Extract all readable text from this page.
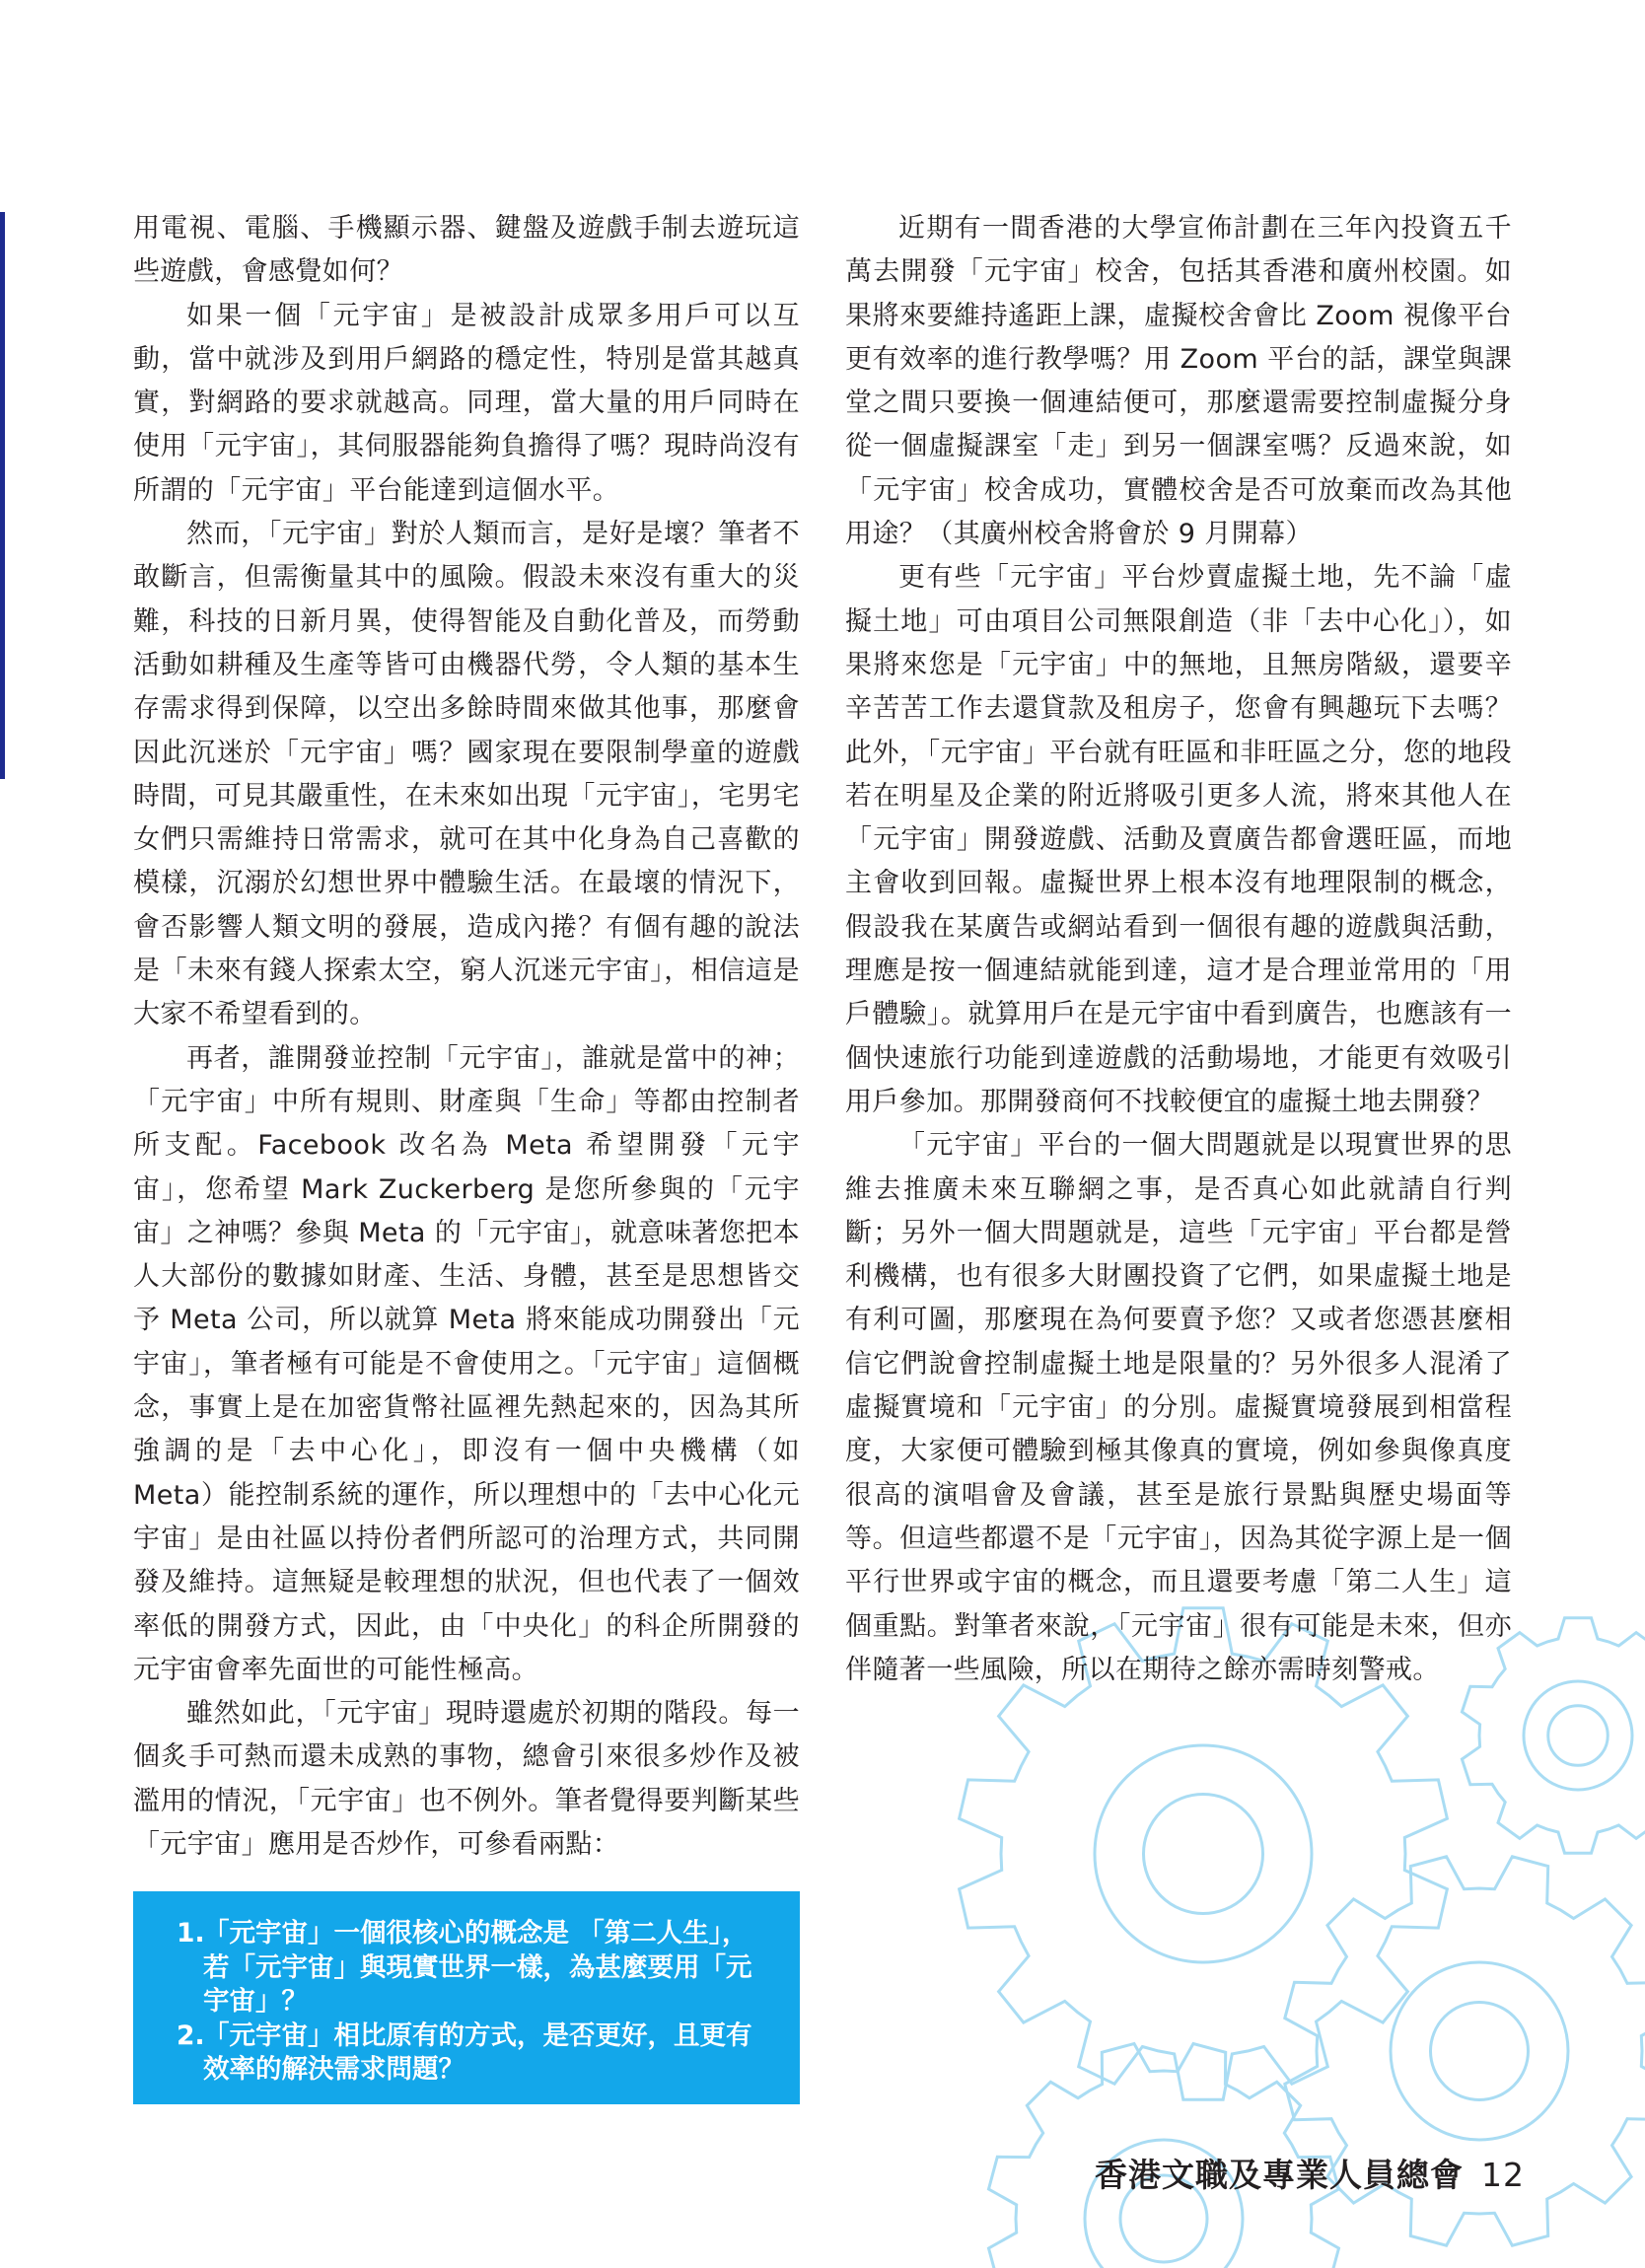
用電視、電腦、手機顯示器、鍵盤及遊戲手制去遊玩這些遊戲，會感覺如何？

如果一個「元宇宙」是被設計成眾多用戶可以互動，當中就涉及到用戶網路的穩定性，特別是當其越真實，對網路的要求就越高。同理，當大量的用戶同時在使用「元宇宙」，其伺服器能夠負擔得了嗎？現時尚沒有所謂的「元宇宙」平台能達到這個水平。

然而，「元宇宙」對於人類而言，是好是壞？筆者不敢斷言，但需衡量其中的風險。假設未來沒有重大的災難，科技的日新月異，使得智能及自動化普及，而勞動活動如耕種及生產等皆可由機器代勞，令人類的基本生存需求得到保障，以空出多餘時間來做其他事，那麼會因此沉迷於「元宇宙」嗎？國家現在要限制學童的遊戲時間，可見其嚴重性，在未來如出現「元宇宙」，宅男宅女們只需維持日常需求，就可在其中化身為自己喜歡的模樣，沉溺於幻想世界中體驗生活。在最壞的情況下，會否影響人類文明的發展，造成內捲？有個有趣的說法是「未來有錢人探索太空，窮人沉迷元宇宙」，相信這是大家不希望看到的。

再者，誰開發並控制「元宇宙」，誰就是當中的神；「元宇宙」中所有規則、財產與「生命」等都由控制者所支配。Facebook 改名為 Meta 希望開發「元宇宙」，您希望 Mark Zuckerberg 是您所參與的「元宇宙」之神嗎？參與 Meta 的「元宇宙」，就意味著您把本人大部份的數據如財產、生活、身體，甚至是思想皆交予 Meta 公司，所以就算 Meta 將來能成功開發出「元宇宙」，筆者極有可能是不會使用之。「元宇宙」這個概念，事實上是在加密貨幣社區裡先熱起來的，因為其所強調的是「去中心化」，即沒有一個中央機構（如 Meta）能控制系統的運作，所以理想中的「去中心化元宇宙」是由社區以持份者們所認可的治理方式，共同開發及維持。這無疑是較理想的狀況，但也代表了一個效率低的開發方式，因此，由「中央化」的科企所開發的元宇宙會率先面世的可能性極高。

雖然如此，「元宇宙」現時還處於初期的階段。每一個炙手可熱而還未成熟的事物，總會引來很多炒作及被濫用的情況，「元宇宙」也不例外。筆者覺得要判斷某些「元宇宙」應用是否炒作，可參看兩點：

1.
「元宇宙」一個很核心的概念是 「第二人生」，若「元宇宙」與現實世界一樣，為甚麼要用「元宇宙」？
2.
「元宇宙」相比原有的方式，是否更好，且更有效率的解決需求問題？

近期有一間香港的大學宣佈計劃在三年內投資五千萬去開發「元宇宙」校舍，包括其香港和廣州校園。如果將來要維持遙距上課，虛擬校舍會比 Zoom 視像平台更有效率的進行教學嗎？用 Zoom 平台的話，課堂與課堂之間只要換一個連結便可，那麼還需要控制虛擬分身從一個虛擬課室「走」到另一個課室嗎？反過來說，如「元宇宙」校舍成功，實體校舍是否可放棄而改為其他用途？（其廣州校舍將會於 9 月開幕）

更有些「元宇宙」平台炒賣虛擬土地，先不論「虛擬土地」可由項目公司無限創造（非「去中心化」），如果將來您是「元宇宙」中的無地，且無房階級，還要辛辛苦苦工作去還貸款及租房子，您會有興趣玩下去嗎？此外，「元宇宙」平台就有旺區和非旺區之分，您的地段若在明星及企業的附近將吸引更多人流，將來其他人在「元宇宙」開發遊戲、活動及賣廣告都會選旺區，而地主會收到回報。虛擬世界上根本沒有地理限制的概念，假設我在某廣告或網站看到一個很有趣的遊戲與活動，理應是按一個連結就能到達，這才是合理並常用的「用戶體驗」。就算用戶在是元宇宙中看到廣告，也應該有一個快速旅行功能到達遊戲的活動場地，才能更有效吸引用戶參加。那開發商何不找較便宜的虛擬土地去開發？

「元宇宙」平台的一個大問題就是以現實世界的思維去推廣未來互聯網之事，是否真心如此就請自行判斷；另外一個大問題就是，這些「元宇宙」平台都是營利機構，也有很多大財團投資了它們，如果虛擬土地是有利可圖，那麼現在為何要賣予您？又或者您憑甚麼相信它們說會控制虛擬土地是限量的？另外很多人混淆了虛擬實境和「元宇宙」的分別。虛擬實境發展到相當程度，大家便可體驗到極其像真的實境，例如參與像真度很高的演唱會及會議，甚至是旅行景點與歷史場面等等。但這些都還不是「元宇宙」，因為其從字源上是一個平行世界或宇宙的概念，而且還要考慮「第二人生」這個重點。對筆者來說，「元宇宙」很有可能是未來，但亦伴隨著一些風險，所以在期待之餘亦需時刻警戒。

香港文職及專業人員總會 12
